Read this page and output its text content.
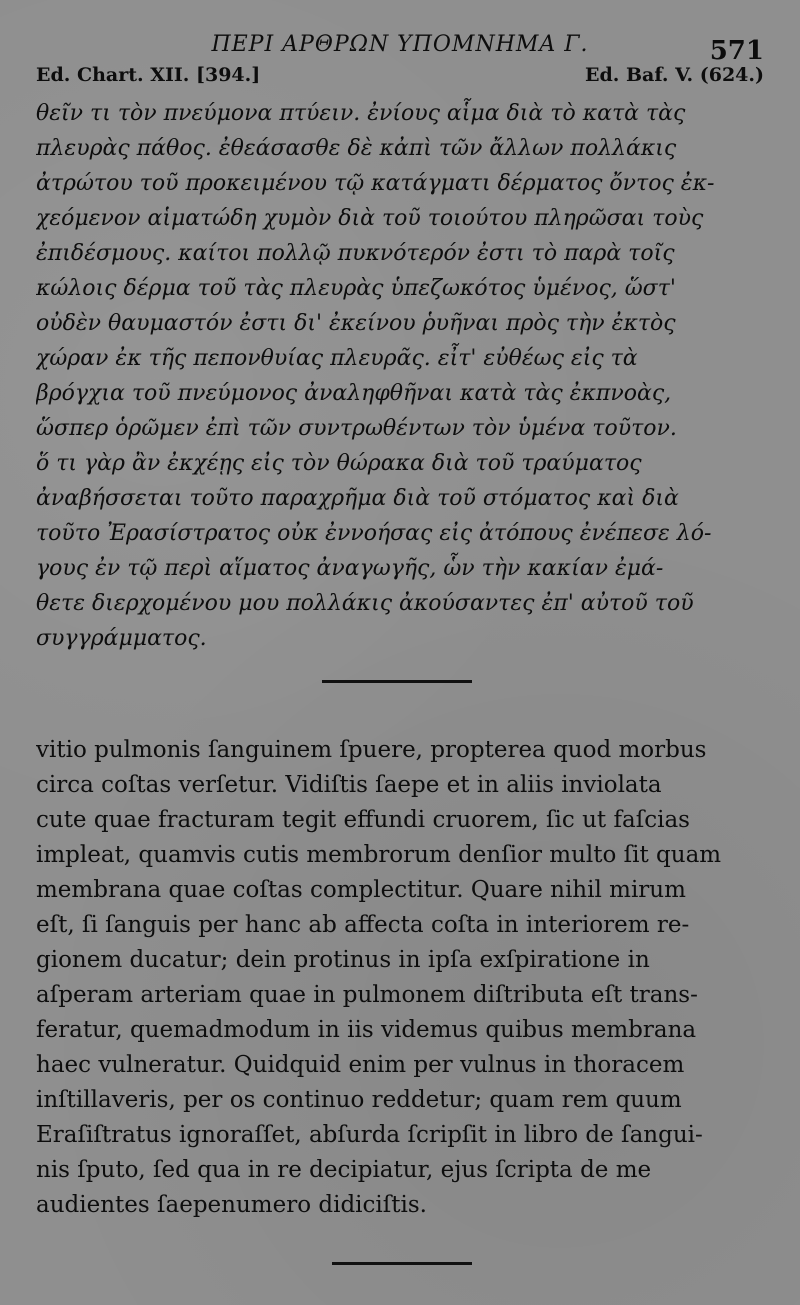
ΠΕΡΙ ΑΡΘΡΩΝ ΥΠΟΜΝΗΜΑ Γ.	571
Ed. Chart. XII. [394.]	Ed. Baf. V. (624.)
θεῖν τι τὸν πνεύμονα πτύειν. ἐνίους αἷμα διὰ τὸ κατὰ τὰς
πλευρὰς πάθος. ἐθεάσασθε δὲ κἀπὶ τῶν ἄλλων πολλάκις
ἀτρώτου τοῦ προκειμένου τῷ κατάγματι δέρματος ὄντος ἐκ-
χεόμενον αἱματώδη χυμὸν διὰ τοῦ τοιούτου πληρῶσαι τοὺς
ἐπιδέσμους. καίτοι πολλῷ πυκνότερόν ἐστι τὸ παρὰ τοῖς
κώλοις δέρμα τοῦ τὰς πλευρὰς ὑπεζωκότος ὑμένος, ὥστ'
οὐδὲν θαυμαστόν ἐστι δι' ἐκείνου ῥυῆναι πρὸς τὴν ἐκτὸς
χώραν ἐκ τῆς πεπονθυίας πλευρᾶς. εἶτ' εὐθέως εἰς τὰ
βρόγχια τοῦ πνεύμονος ἀναληφθῆναι κατὰ τὰς ἐκπνοὰς,
ὥσπερ ὁρῶμεν ἐπὶ τῶν συντρωθέντων τὸν ὑμένα τοῦτον.
ὅ τι γὰρ ἂν ἐκχέῃς εἰς τὸν θώρακα διὰ τοῦ τραύματος
ἀναβήσσεται τοῦτο παραχρῆμα διὰ τοῦ στόματος καὶ διὰ
τοῦτο Ἐρασίστρατος οὐκ ἐννοήσας εἰς ἀτόπους ἐνέπεσε λό-
γους ἐν τῷ περὶ αἵματος ἀναγωγῆς, ὧν τὴν κακίαν ἐμά-
θετε διερχομένου μου πολλάκις ἀκούσαντες ἐπ' αὐτοῦ τοῦ
συγγράμματος.
vitio pulmonis ſanguinem ſpuere, propterea quod morbus
circa coſtas verſetur. Vidiſtis ſaepe et in aliis inviolata
cute quae fracturam tegit effundi cruorem, ſic ut faſcias
impleat, quamvis cutis membrorum denſior multo ſit quam
membrana quae coſtas complectitur. Quare nihil mirum
eſt, ſi ſanguis per hanc ab affecta coſta in interiorem re-
gionem ducatur; dein protinus in ipſa exſpiratione in
aſperam arteriam quae in pulmonem diſtributa eſt trans-
feratur, quemadmodum in iis videmus quibus membrana
haec vulneratur. Quidquid enim per vulnus in thoracem
inſtillaveris, per os continuo reddetur; quam rem quum
Eraſiſtratus ignoraſſet, abſurda ſcripſit in libro de ſangui-
nis ſputo, ſed qua in re decipiatur, ejus ſcripta de me
audientes ſaepenumero didiciſtis.
